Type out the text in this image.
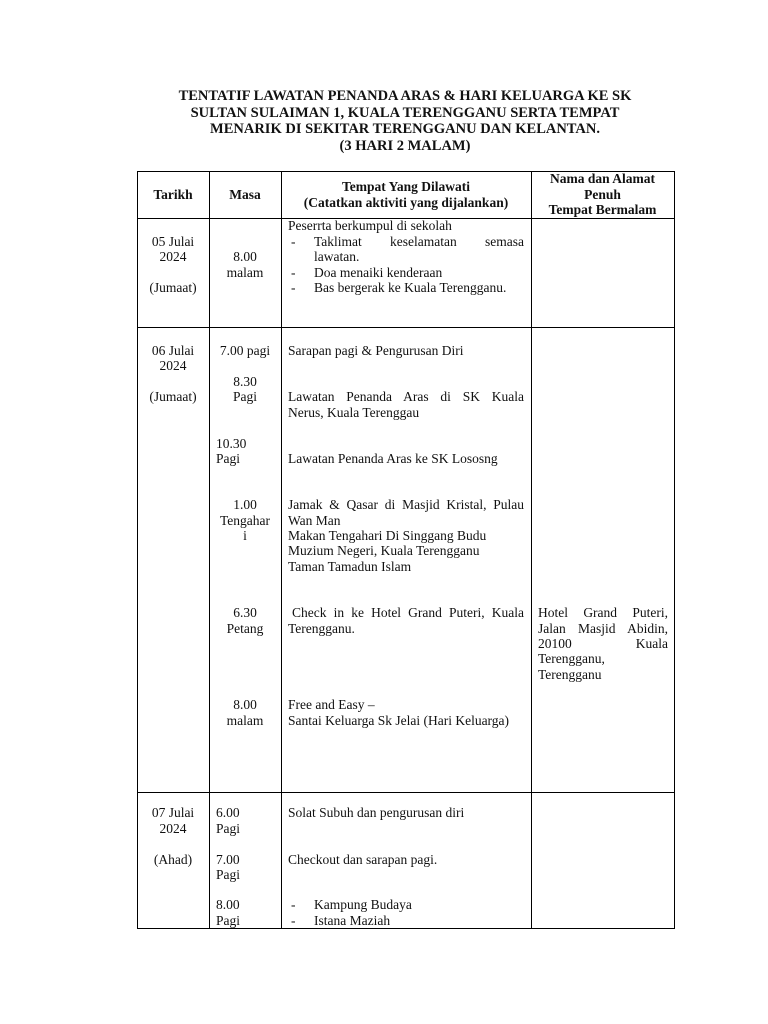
TENTATIF LAWATAN PENANDA ARAS & HARI KELUARGA KE SK
SULTAN SULAIMAN 1, KUALA TERENGGANU SERTA TEMPAT
MENARIK DI SEKITAR TERENGGANU DAN KELANTAN.
(3 HARI 2 MALAM)
Tarikh	Masa
Tempat Yang Dilawati
(Catatkan aktiviti yang dijalankan)
Nama dan Alamat
Penuh
Tempat Bermalam
05 Julai
2024
(Jumaat)
8.00
malam
Peserrta berkumpul di sekolah
- Taklimat keselamatan semasa
lawatan.
- Doa menaiki kenderaan
- Bas bergerak ke Kuala Terengganu.
06 Julai
2024
(Jumaat)
7.00 pagi
8.30
Pagi
10.30
Pagi
1.00
Tengahar
i
6.30
Petang
8.00
malam
Sarapan pagi & Pengurusan Diri
Lawatan Penanda Aras di SK Kuala
Nerus, Kuala Terenggau
Lawatan Penanda Aras ke SK Lososng
Jamak & Qasar di Masjid Kristal, Pulau
Wan Man
Makan Tengahari Di Singgang Budu
Muzium Negeri, Kuala Terengganu
Taman Tamadun Islam
Check in ke Hotel Grand Puteri, Kuala
Terengganu.
Free and Easy –
Santai Keluarga Sk Jelai (Hari Keluarga)
Hotel Grand Puteri,
Jalan Masjid Abidin,
20100 Kuala
Terengganu,
Terengganu
07 Julai
2024
(Ahad)
6.00
Pagi
7.00
Pagi
8.00
Pagi
Solat Subuh dan pengurusan diri
Checkout dan sarapan pagi.
- Kampung Budaya
- Istana Maziah
